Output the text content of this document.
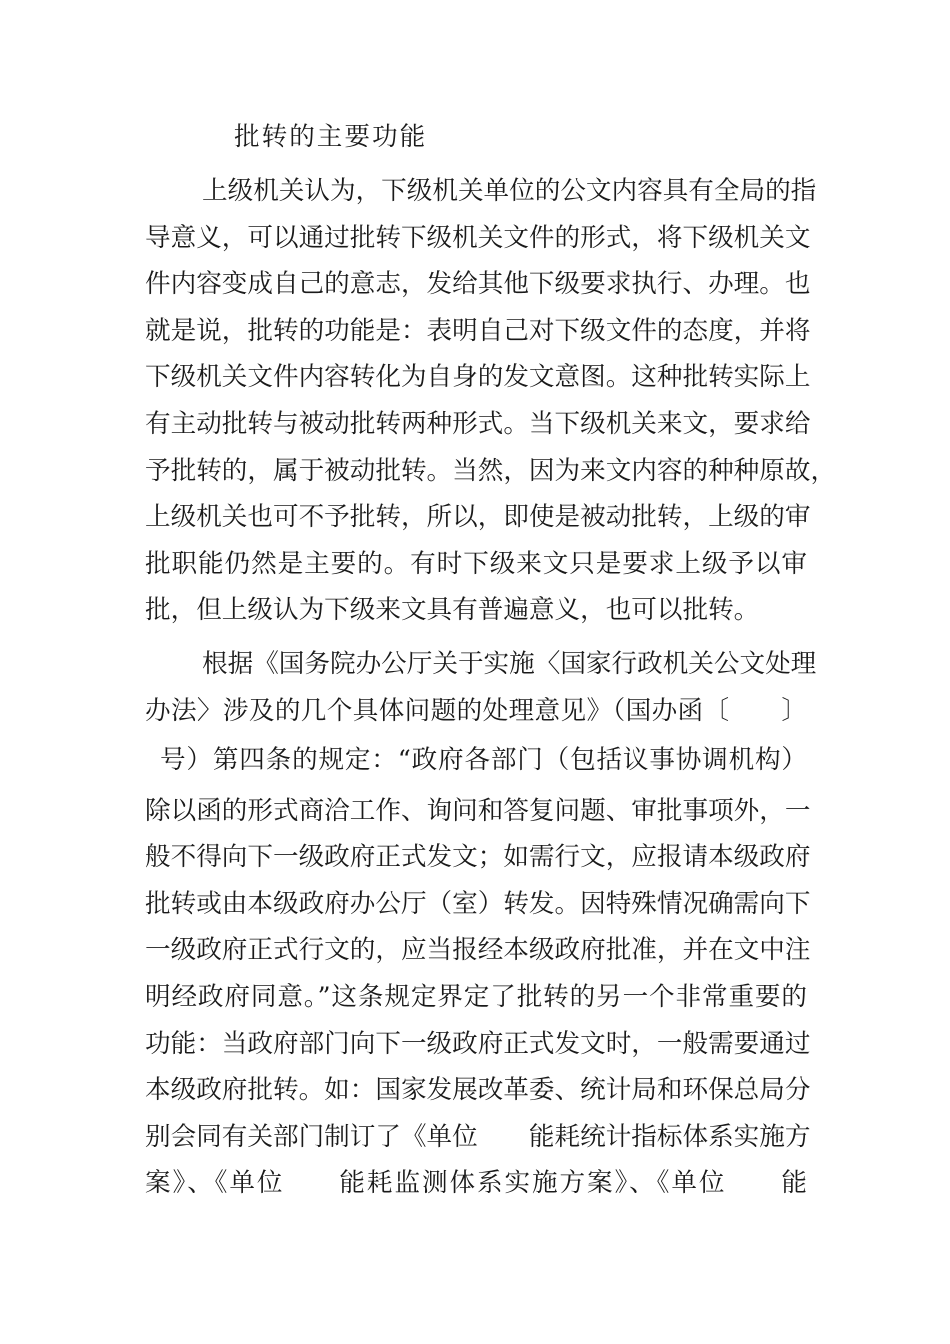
批转的主要功能
上级机关认为，下级机关单位的公文内容具有全局的指
导意义，可以通过批转下级机关文件的形式，将下级机关文
件内容变成自己的意志，发给其他下级要求执行、办理。也
就是说，批转的功能是：表明自己对下级文件的态度，并将
下级机关文件内容转化为自身的发文意图。这种批转实际上
有主动批转与被动批转两种形式。当下级机关来文，要求给
予批转的，属于被动批转。当然，因为来文内容的种种原故，
上级机关也可不予批转，所以，即使是被动批转，上级的审
批职能仍然是主要的。有时下级来文只是要求上级予以审
批，但上级认为下级来文具有普遍意义，也可以批转。
根据《国务院办公厅关于实施〈国家行政机关公文处理
办法〉涉及的几个具体问题的处理意见》（国办函〔　　〕
号）第四条的规定：“政府各部门（包括议事协调机构）
除以函的形式商洽工作、询问和答复问题、审批事项外，一
般不得向下一级政府正式发文；如需行文，应报请本级政府
批转或由本级政府办公厅（室）转发。因特殊情况确需向下
一级政府正式行文的，应当报经本级政府批准，并在文中注
明经政府同意。”这条规定界定了批转的另一个非常重要的
功能：当政府部门向下一级政府正式发文时，一般需要通过
本级政府批转。如：国家发展改革委、统计局和环保总局分
别会同有关部门制订了《单位　　能耗统计指标体系实施方
案》、《单位　　能耗监测体系实施方案》、《单位　　能
